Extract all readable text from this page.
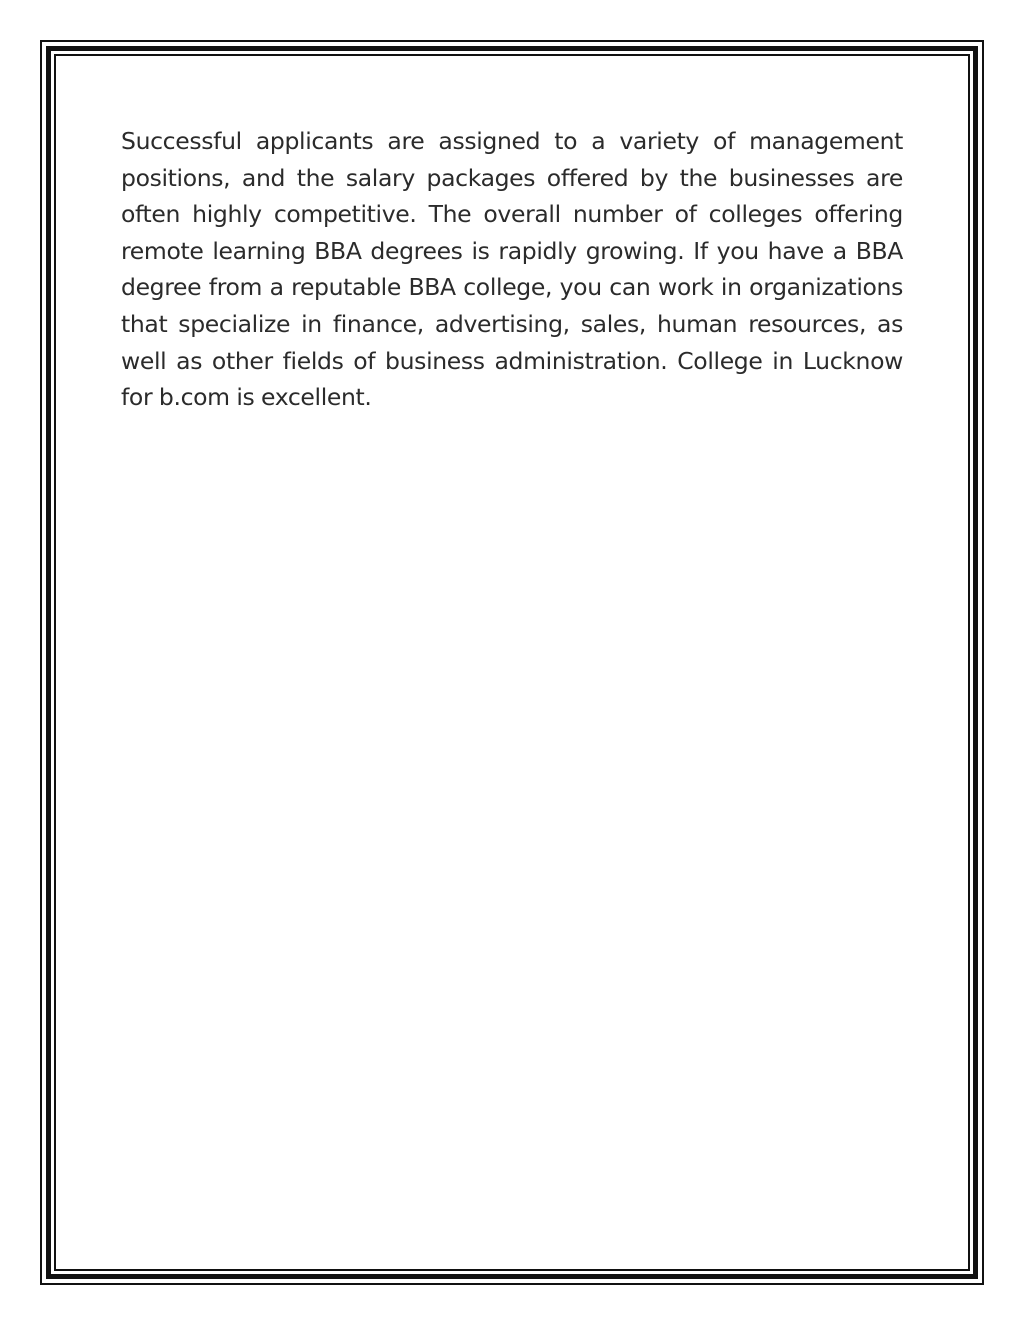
Successful applicants are assigned to a variety of management positions, and the salary packages offered by the businesses are often highly competitive. The overall number of colleges offering remote learning BBA degrees is rapidly growing. If you have a BBA degree from a reputable BBA college, you can work in organizations that specialize in finance, advertising, sales, human resources, as well as other fields of business administration. College in Lucknow for b.com is excellent.
